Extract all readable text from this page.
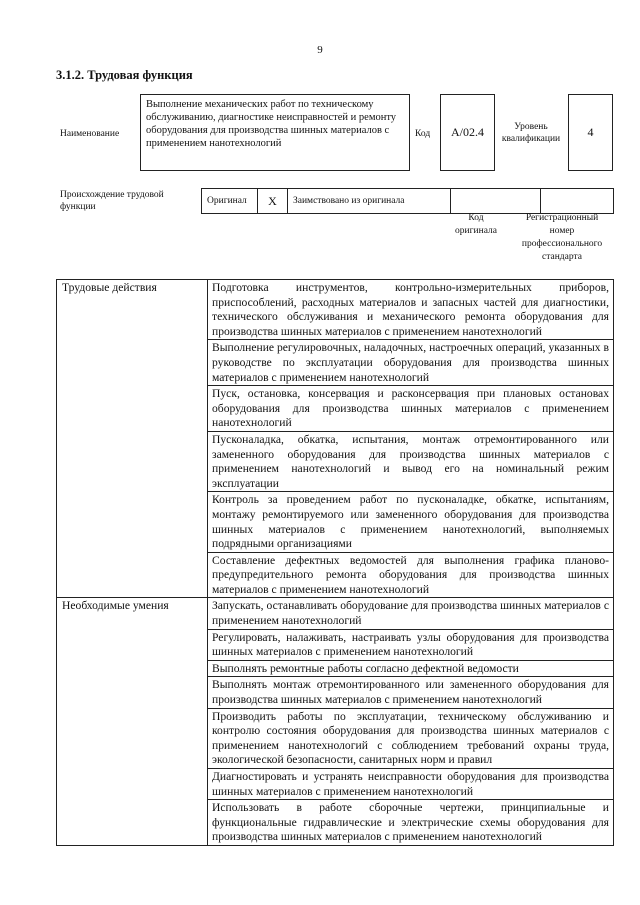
9
3.1.2. Трудовая функция
Наименование
Выполнение механических работ по техническому обслуживанию, диагностике неисправностей и ремонту оборудования для производства шинных материалов с применением нанотехнологий
Код	A/02.4	Уровень квалификации	4
Происхождение трудовой функции
Оригинал	X	Заимствовано из оригинала
Код оригинала
Регистрационный номер профессионального стандарта
Трудовые действия	Подготовка инструментов, контрольно-измерительных приборов, приспособлений, расходных материалов и запасных частей для диагностики, технического обслуживания и механического ремонта оборудования для производства шинных материалов с применением нанотехнологий
	Выполнение регулировочных, наладочных, настроечных операций, указанных в руководстве по эксплуатации оборудования для производства шинных материалов с применением нанотехнологий
	Пуск, остановка, консервация и расконсервация при плановых остановах оборудования для производства шинных материалов с применением нанотехнологий
	Пусконаладка, обкатка, испытания, монтаж отремонтированного или замененного оборудования для производства шинных материалов с применением нанотехнологий и вывод его на номинальный режим эксплуатации
	Контроль за проведением работ по пусконаладке, обкатке, испытаниям, монтажу ремонтируемого или замененного оборудования для производства шинных материалов с применением нанотехнологий, выполняемых подрядными организациями
	Составление дефектных ведомостей для выполнения графика планово-предупредительного ремонта оборудования для производства шинных материалов с применением нанотехнологий
Необходимые умения	Запускать, останавливать оборудование для производства шинных материалов с применением нанотехнологий
	Регулировать, налаживать, настраивать узлы оборудования для производства шинных материалов с применением нанотехнологий
	Выполнять ремонтные работы согласно дефектной ведомости
	Выполнять монтаж отремонтированного или замененного оборудования для производства шинных материалов с применением нанотехнологий
	Производить работы по эксплуатации, техническому обслуживанию и контролю состояния оборудования для производства шинных материалов с применением нанотехнологий с соблюдением требований охраны труда, экологической безопасности, санитарных норм и правил
	Диагностировать и устранять неисправности оборудования для производства шинных материалов с применением нанотехнологий
	Использовать в работе сборочные чертежи, принципиальные и функциональные гидравлические и электрические схемы оборудования для производства шинных материалов с применением нанотехнологий
